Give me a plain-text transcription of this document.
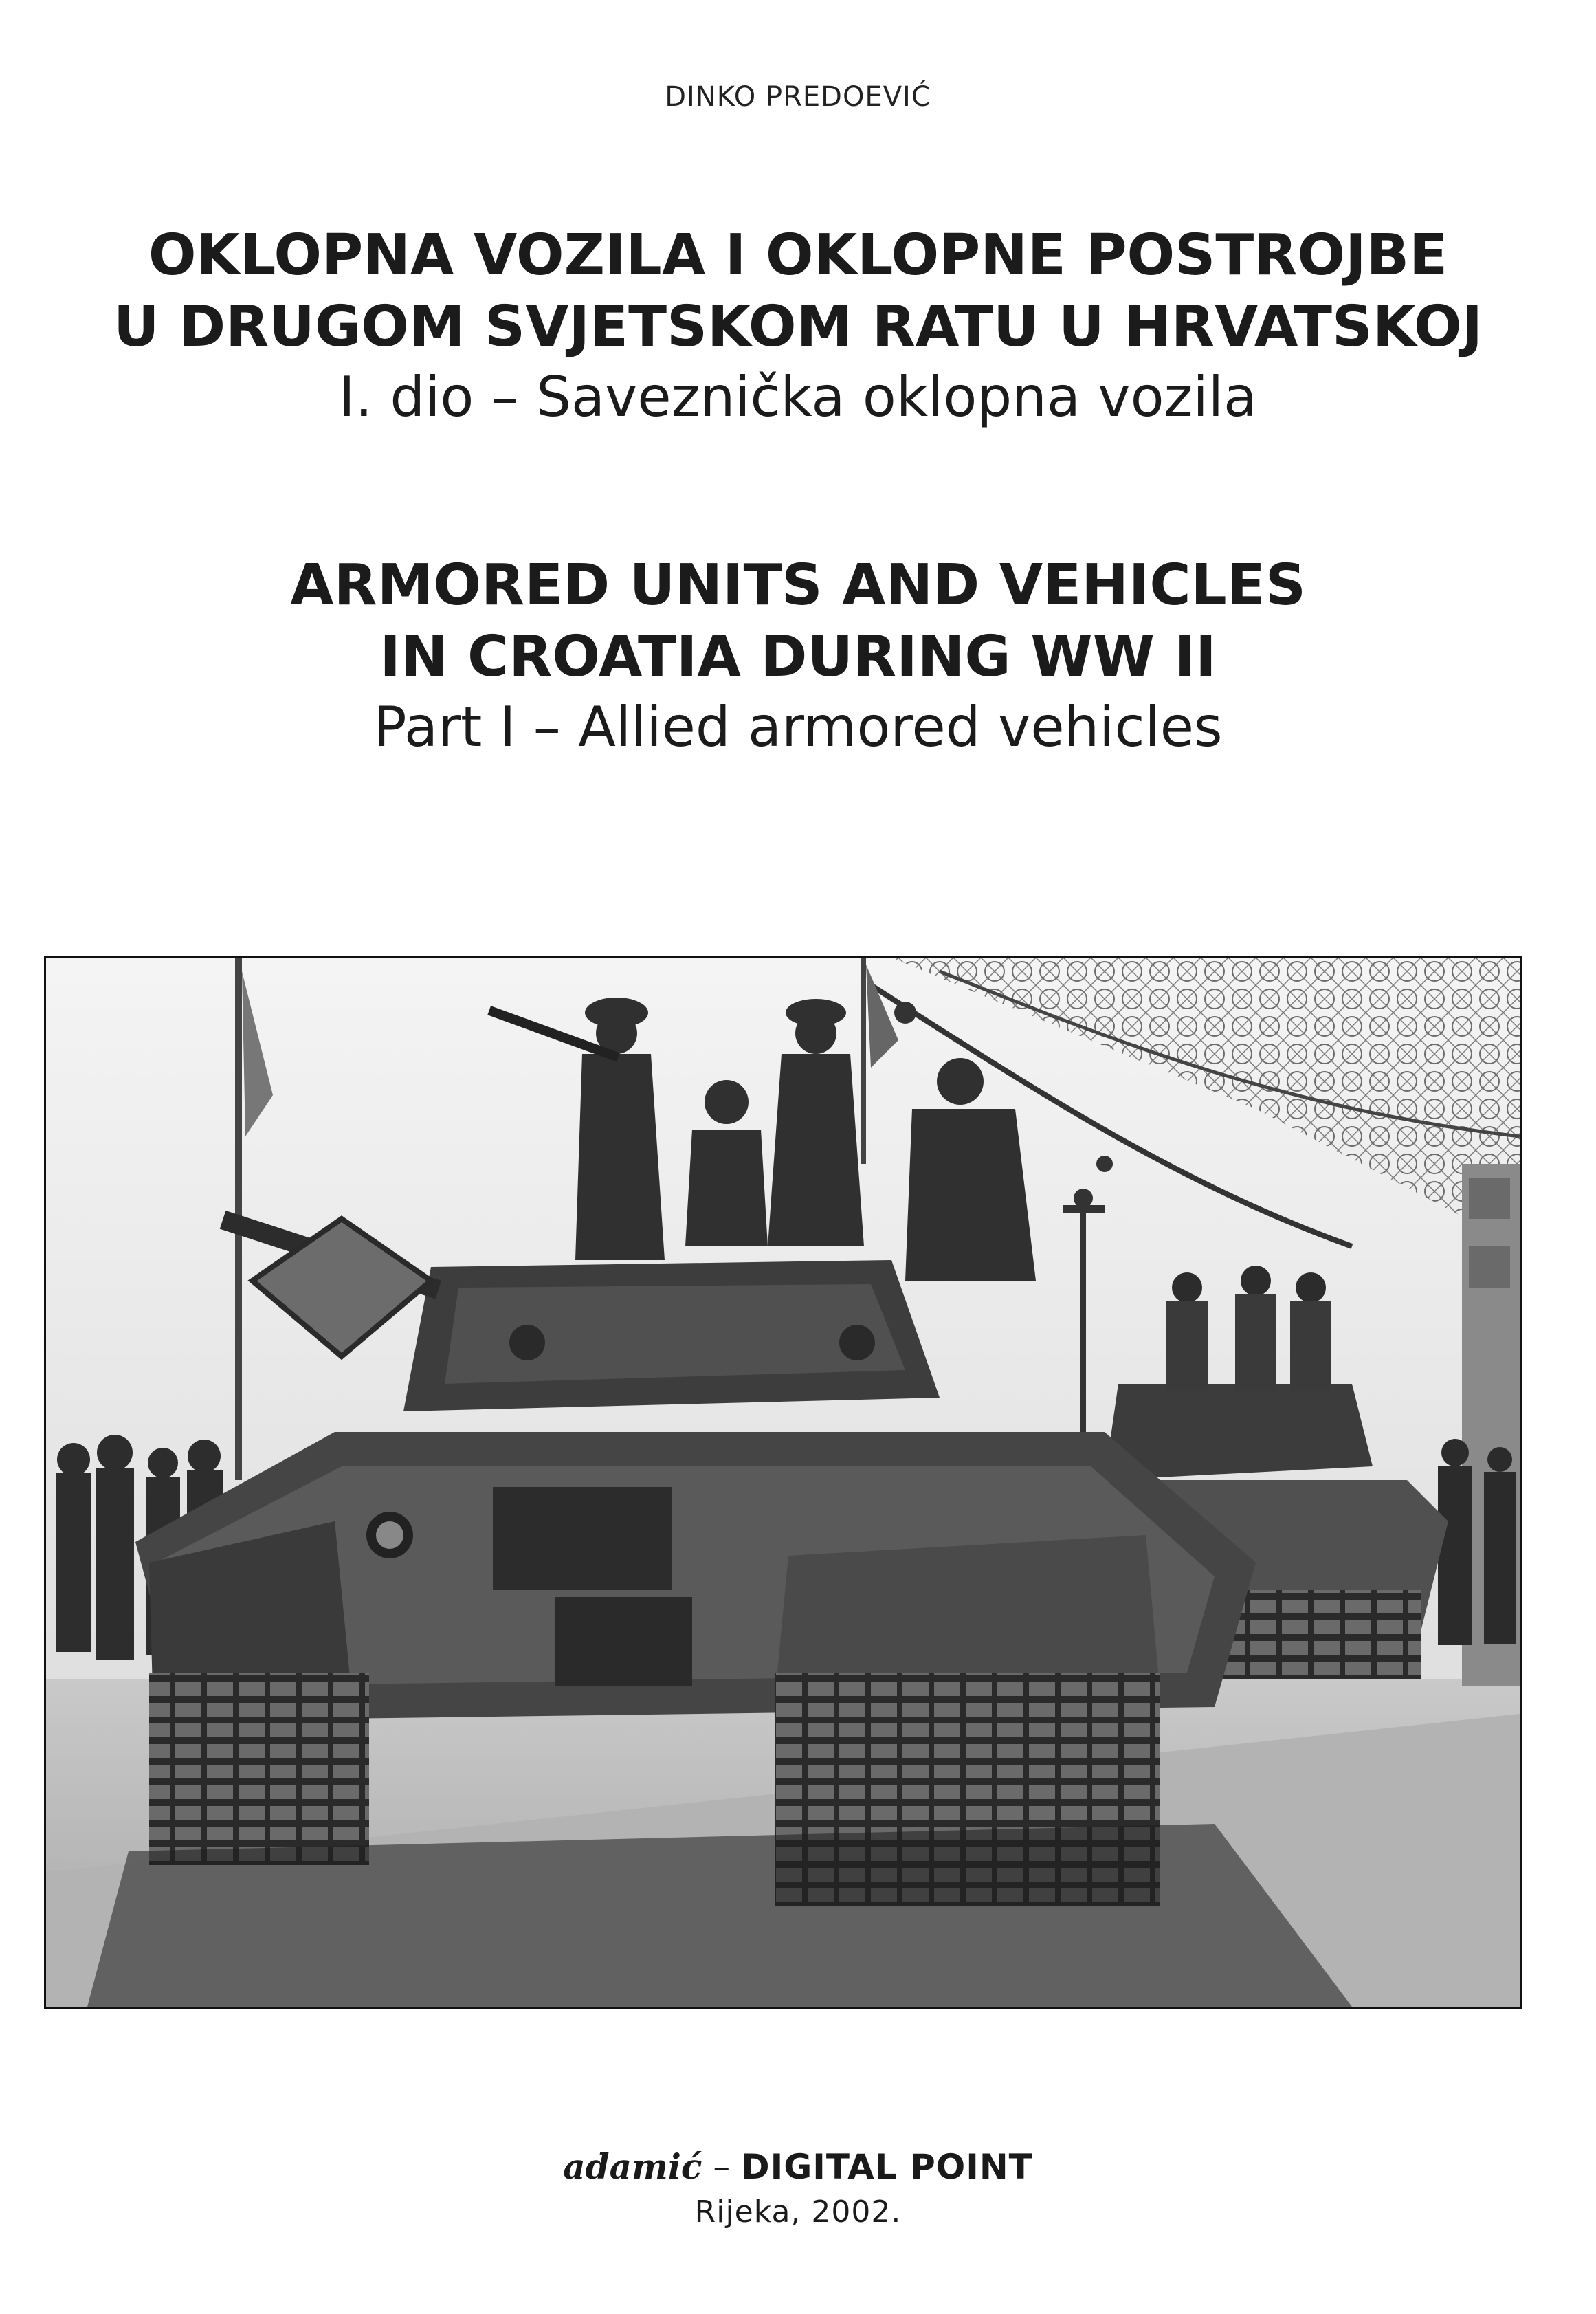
DINKO PREDOEVIĆ
OKLOPNA VOZILA I OKLOPNE POSTROJBE
U DRUGOM SVJETSKOM RATU U HRVATSKOJ
I. dio – Saveznička oklopna vozila
ARMORED UNITS AND VEHICLES
IN CROATIA DURING WW II
Part I – Allied armored vehicles
adamić – DIGITAL POINT
Rijeka, 2002.
